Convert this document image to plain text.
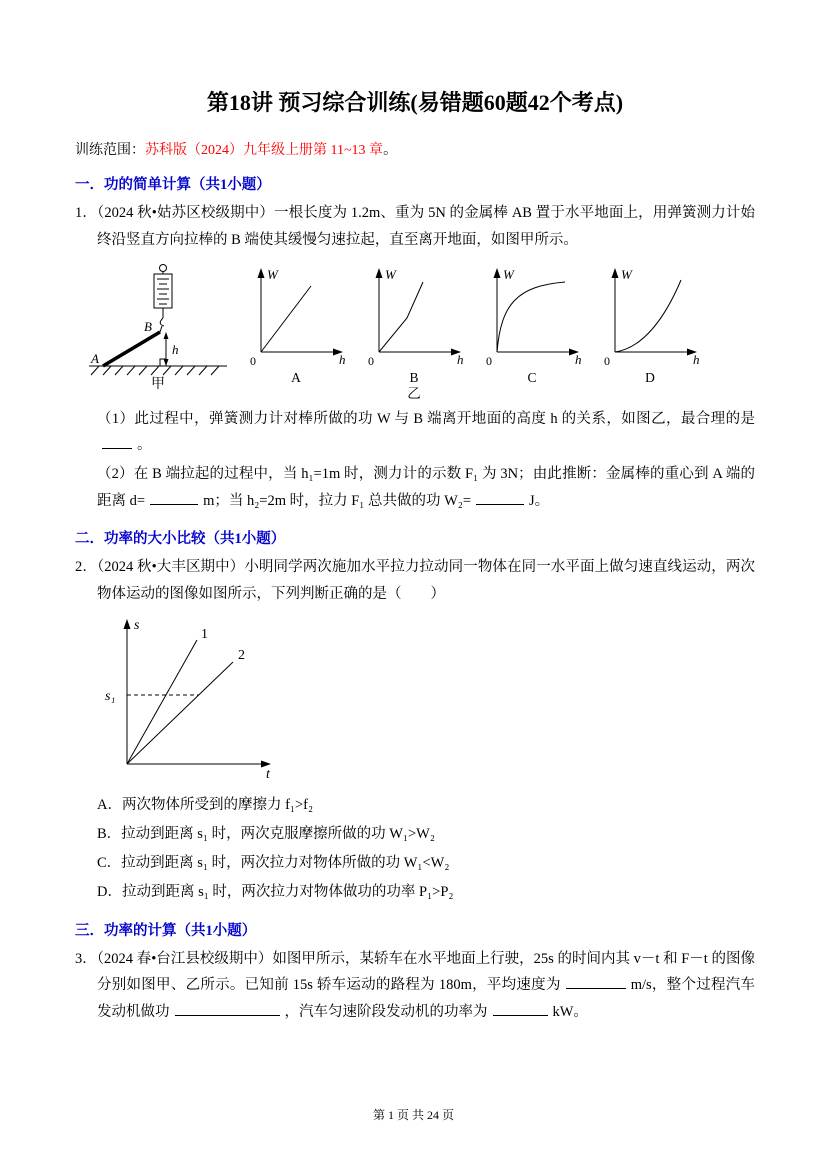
第18讲 预习综合训练(易错题60题42个考点)
训练范围：苏科版（2024）九年级上册第 11~13 章。
一．功的简单计算（共1小题）
1．（2024 秋•姑苏区校级期中）一根长度为 1.2m、重为 5N 的金属棒 AB 置于水平地面上，用弹簧测力计始终沿竖直方向拉棒的 B 端使其缓慢匀速拉起，直至离开地面，如图甲所示。
A
B
h
甲
W
0	h
A
W
0	h
B
乙
W
0	h
C
W
0	h
D
（1）此过程中，弹簧测力计对棒所做的功 W 与 B 端离开地面的高度 h 的关系，如图乙，最合理的是。
（2）在 B 端拉起的过程中，当 h₁=1m 时，测力计的示数 F₁ 为 3N；由此推断：金属棒的重心到 A 端的距离 d=	m；当 h₂=2m 时，拉力 F₁ 总共做的功 W₂=	J。
二．功率的大小比较（共1小题）
2．（2024 秋•大丰区期中）小明同学两次施加水平拉力拉动同一物体在同一水平面上做匀速直线运动，两次物体运动的图像如图所示，下列判断正确的是（　　）
s
t
1
2
s₁
A．两次物体所受到的摩擦力 f₁>f₂
B．拉动到距离 s₁ 时，两次克服摩擦所做的功 W₁>W₂
C．拉动到距离 s₁ 时，两次拉力对物体所做的功 W₁<W₂
D．拉动到距离 s₁ 时，两次拉力对物体做功的功率 P₁>P₂
三．功率的计算（共1小题）
3．（2024 春•台江县校级期中）如图甲所示，某轿车在水平地面上行驶，25s 的时间内其 v－t 和 F－t 的图像分别如图甲、乙所示。已知前 15s 轿车运动的路程为 180m，平均速度为	m/s，整个过程汽车发动机做功	，汽车匀速阶段发动机的功率为	kW。
第 1 页 共 24 页
